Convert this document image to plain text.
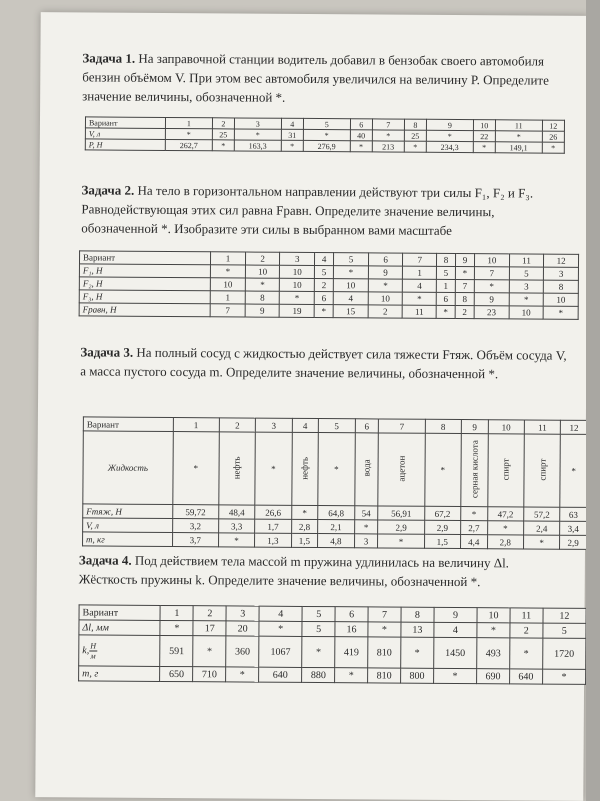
Задача 1. На заправочной станции водитель добавил в бензобак своего автомобиля бензин объёмом V. При этом вес автомобиля увеличился на величину P. Определите значение величины, обозначенной *.
Вариант	1	2	3	4	5	6	7	8	9	10	11	12
V, л	*	25	*	31	*	40	*	25	*	22	*	26
P, Н	262,7	*	163,3	*	276,9	*	213	*	234,3	*	149,1	*
Задача 2. На тело в горизонтальном направлении действуют три силы F₁, F₂ и F₃. Равнодействующая этих сил равна Fравн. Определите значение величины, обозначенной *. Изобразите эти силы в выбранном вами масштабе
Вариант	1	2	3	4	5	6	7	8	9	10	11	12
F₁, Н	*	10	10	5	*	9	1	5	*	7	5	3
F₂, Н	10	*	10	2	10	*	4	1	7	*	3	8
F₃, Н	1	8	*	6	4	10	*	6	8	9	*	10
Fравн, Н	7	9	19	*	15	2	11	*	2	23	10	*
Задача 3. На полный сосуд с жидкостью действует сила тяжести Fтяж. Объём сосуда V, а масса пустого сосуда m. Определите значение величины, обозначенной *.
Вариант	1	2	3	4	5	6	7	8	9	10	11	12
Жидкость	*	нефть	*	нефть	*	вода	ацетон	*	серная кислота	спирт	спирт	*
Fтяж, Н	59,72	48,4	26,6	*	64,8	54	56,91	67,2	*	47,2	57,2	63
V, л	3,2	3,3	1,7	2,8	2,1	*	2,9	2,9	2,7	*	2,4	3,4
m, кг	3,7	*	1,3	1,5	4,8	3	*	1,5	4,4	2,8	*	2,9
Задача 4. Под действием тела массой m пружина удлинилась на величину Δl. Жёсткость пружины k. Определите значение величины, обозначенной *.
Вариант	1	2	3	4	5	6	7	8	9	10	11	12
Δl, мм	*	17	20	*	5	16	*	13	4	*	2	5
k, $\frac{Н}{м}$	591	*	360	1067	*	419	810	*	1450	493	*	1720
m, г	650	710	*	640	880	*	810	800	*	690	640	*
